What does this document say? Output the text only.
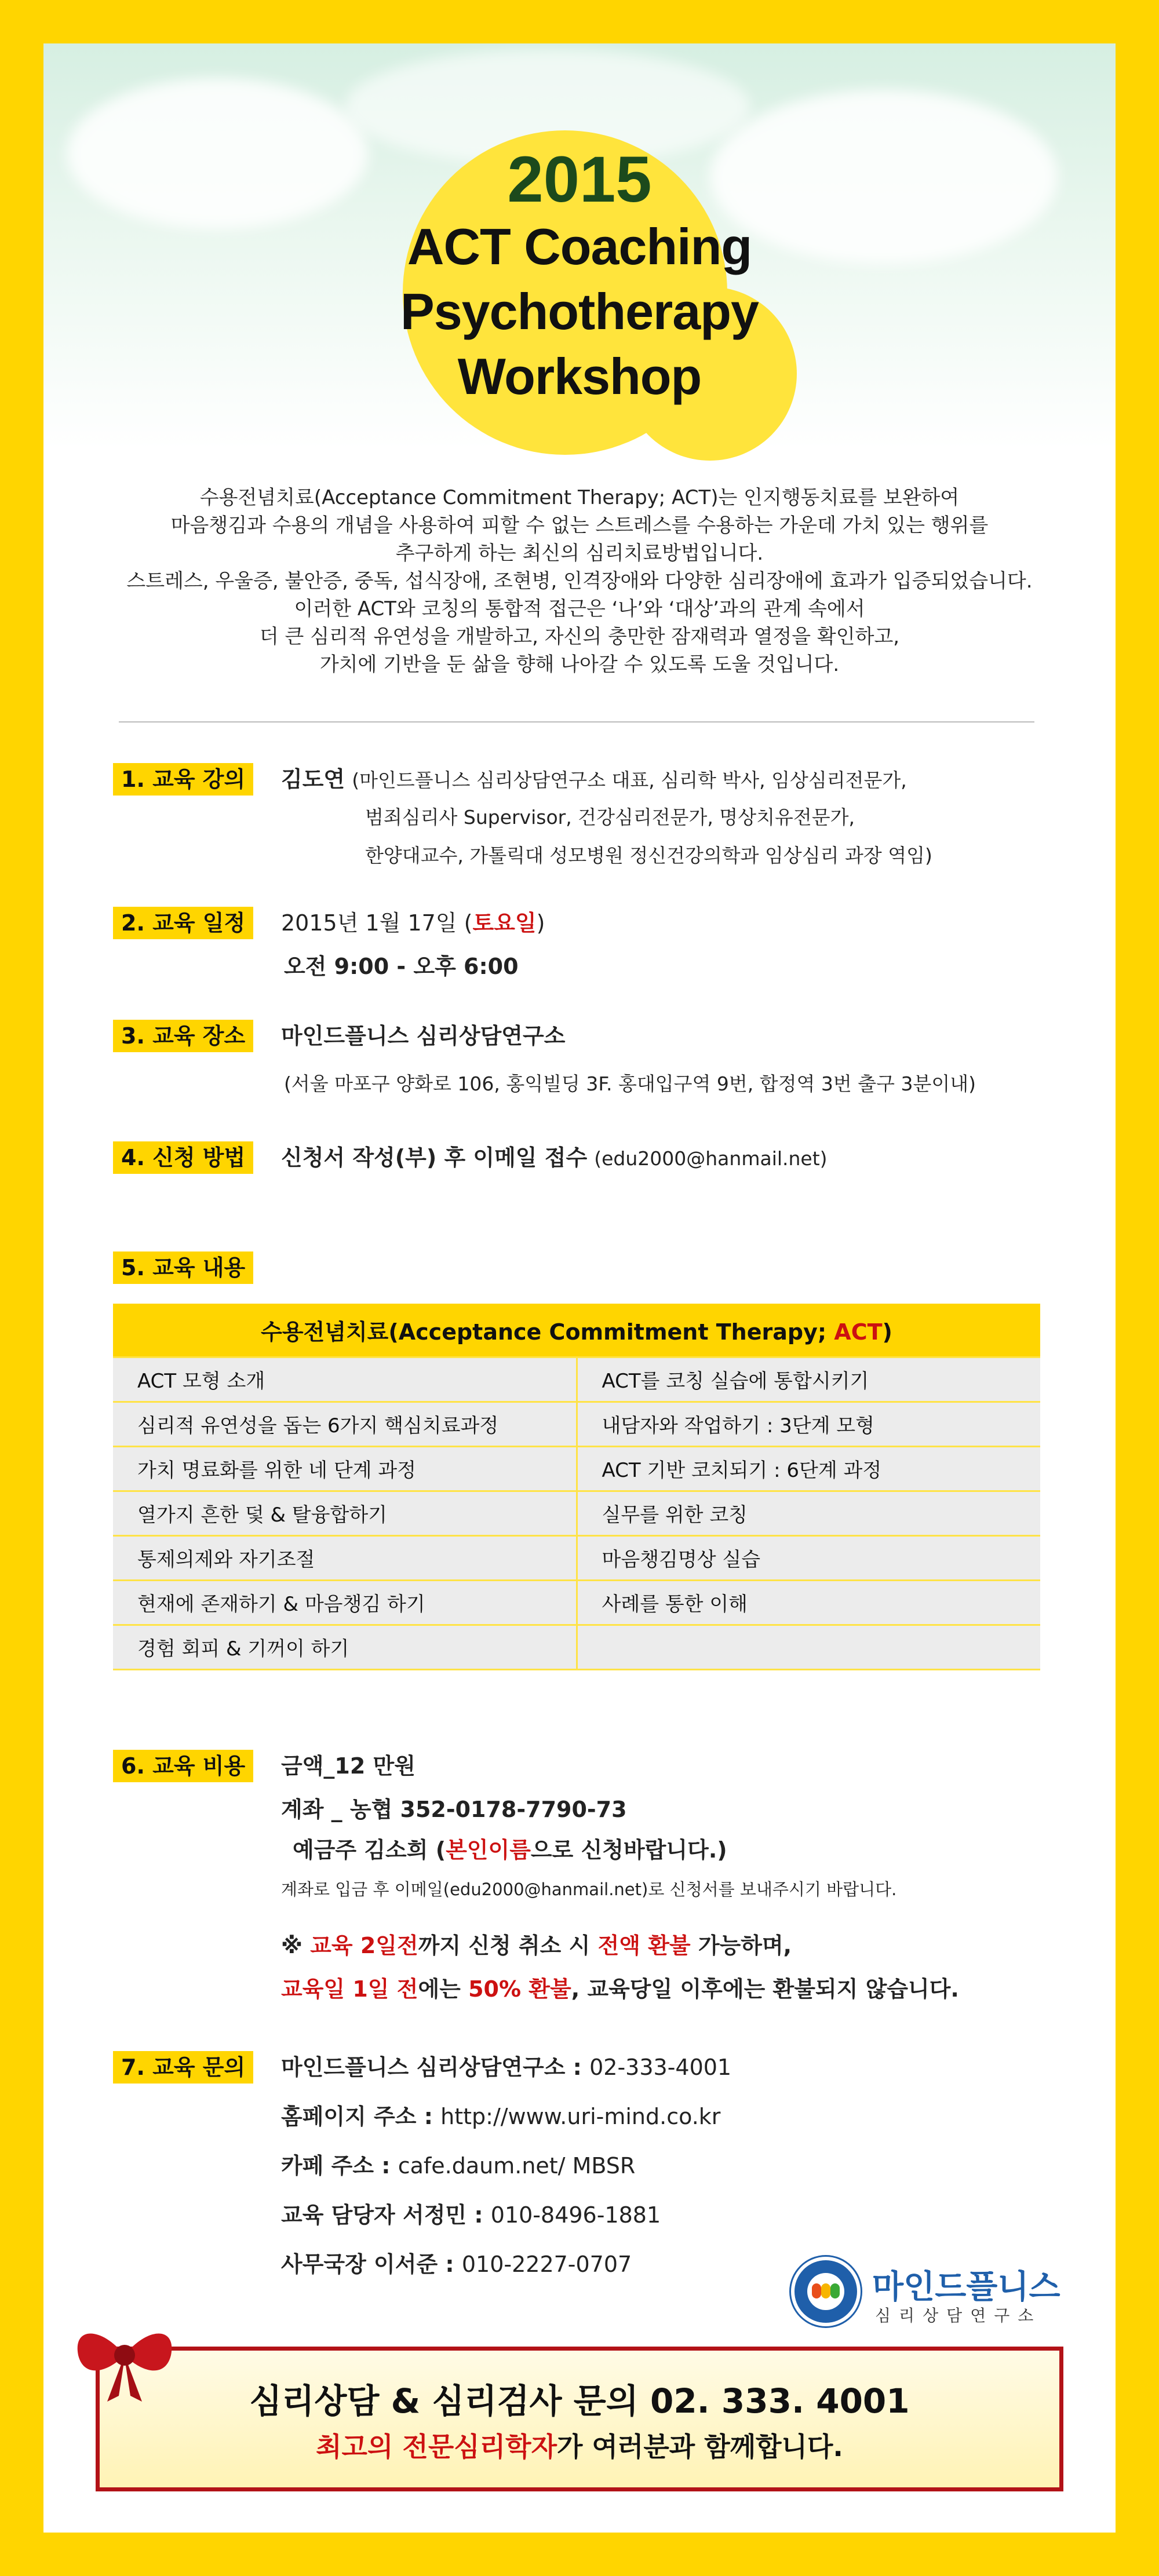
2015
ACT Coaching
Psychotherapy
Workshop
수용전념치료(Acceptance Commitment Therapy; ACT)는 인지행동치료를 보완하여
마음챙김과 수용의 개념을 사용하여 피할 수 없는 스트레스를 수용하는 가운데 가치 있는 행위를
추구하게 하는 최신의 심리치료방법입니다.
스트레스, 우울증, 불안증, 중독, 섭식장애, 조현병, 인격장애와 다양한 심리장애에 효과가 입증되었습니다.
이러한 ACT와 코칭의 통합적 접근은 ‘나’와 ‘대상’과의 관계 속에서
더 큰 심리적 유연성을 개발하고, 자신의 충만한 잠재력과 열정을 확인하고,
가치에 기반을 둔 삶을 향해 나아갈 수 있도록 도울 것입니다.
1. 교육 강의	김도연 (마인드플니스 심리상담연구소 대표, 심리학 박사, 임상심리전문가,
범죄심리사 Supervisor, 건강심리전문가, 명상치유전문가,
한양대교수, 가톨릭대 성모병원 정신건강의학과 임상심리 과장 역임)
2. 교육 일정	2015년 1월 17일 (토요일)
오전 9:00 - 오후 6:00
3. 교육 장소	마인드플니스 심리상담연구소
(서울 마포구 양화로 106, 홍익빌딩 3F. 홍대입구역 9번, 합정역 3번 출구 3분이내)
4. 신청 방법	신청서 작성(부) 후 이메일 접수 (edu2000@hanmail.net)
5. 교육 내용
수용전념치료(Acceptance Commitment Therapy; ACT)	
ACT 모형 소개	ACT를 코칭 실습에 통합시키기
심리적 유연성을 돕는 6가지 핵심치료과정	내담자와 작업하기 : 3단계 모형
가치 명료화를 위한 네 단계 과정	ACT 기반 코치되기 : 6단계 과정
열가지 흔한 덫 & 탈융합하기	실무를 위한 코칭
통제의제와 자기조절	마음챙김명상 실습
현재에 존재하기 & 마음챙김 하기	사례를 통한 이해
경험 회피 & 기꺼이 하기	
6. 교육 비용	금액_12 만원
계좌 _ 농협 352-0178-7790-73
예금주 김소희 (본인이름으로 신청바랍니다.)
계좌로 입금 후 이메일(edu2000@hanmail.net)로 신청서를 보내주시기 바랍니다.
※ 교육 2일전까지 신청 취소 시 전액 환불 가능하며,
교육일 1일 전에는 50% 환불, 교육당일 이후에는 환불되지 않습니다.
7. 교육 문의	마인드플니스 심리상담연구소 : 02-333-4001
홈페이지 주소 : http://www.uri-mind.co.kr
카페 주소 : cafe.daum.net/ MBSR
교육 담당자 서정민 : 010-8496-1881
사무국장 이서준 : 010-2227-0707
마인드플니스
심리상담연구소
심리상담 & 심리검사 문의 02. 333. 4001
최고의 전문심리학자가 여러분과 함께합니다.
